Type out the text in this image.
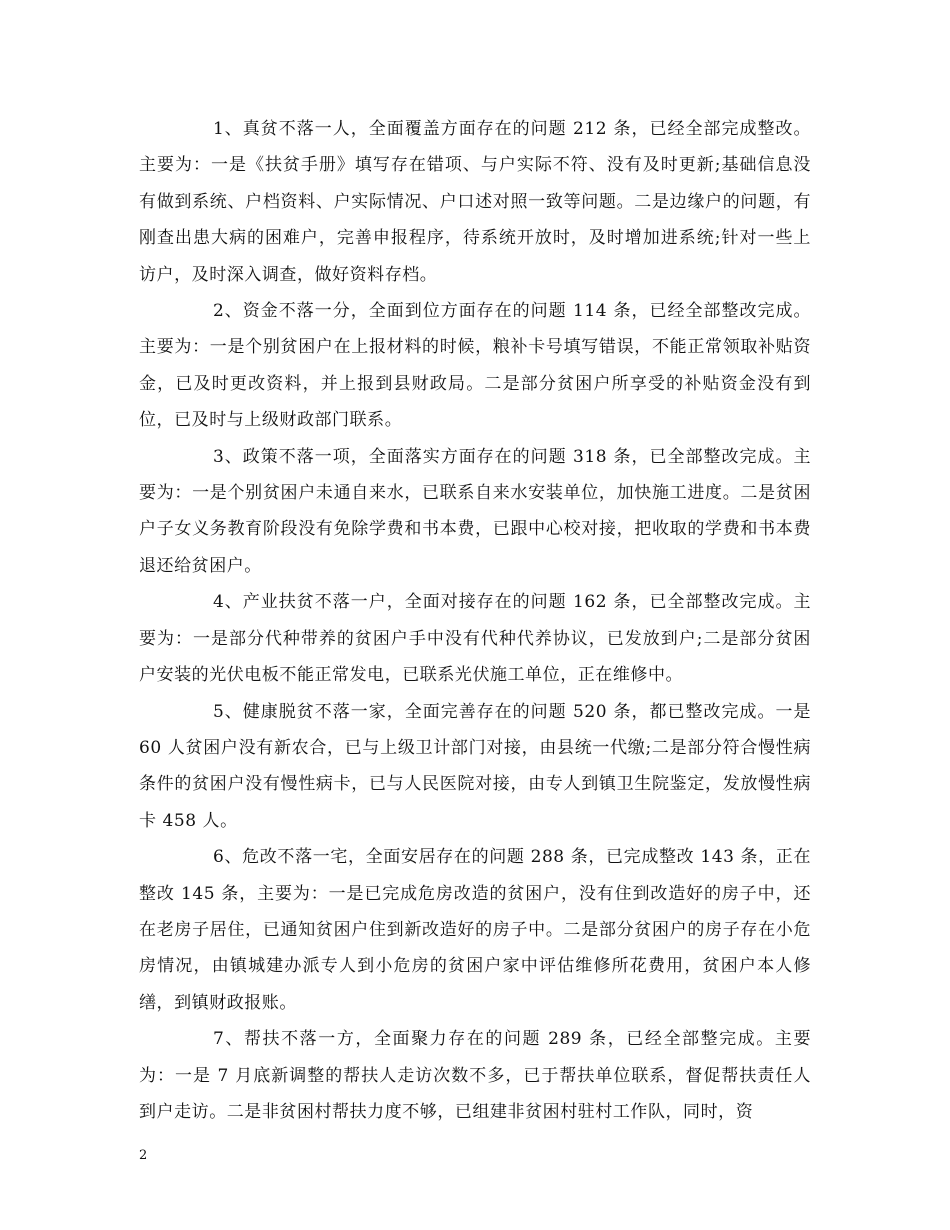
1、真贫不落一人，全面覆盖方面存在的问题 212 条，已经全部完成整改。主要为：一是《扶贫手册》填写存在错项、与户实际不符、没有及时更新;基础信息没有做到系统、户档资料、户实际情况、户口述对照一致等问题。二是边缘户的问题，有刚查出患大病的困难户，完善申报程序，待系统开放时，及时增加进系统;针对一些上访户，及时深入调查，做好资料存档。

2、资金不落一分，全面到位方面存在的问题 114 条，已经全部整改完成。主要为：一是个别贫困户在上报材料的时候，粮补卡号填写错误，不能正常领取补贴资金，已及时更改资料，并上报到县财政局。二是部分贫困户所享受的补贴资金没有到位，已及时与上级财政部门联系。

3、政策不落一项，全面落实方面存在的问题 318 条，已全部整改完成。主要为：一是个别贫困户未通自来水，已联系自来水安装单位，加快施工进度。二是贫困户子女义务教育阶段没有免除学费和书本费，已跟中心校对接，把收取的学费和书本费退还给贫困户。

4、产业扶贫不落一户，全面对接存在的问题 162 条，已全部整改完成。主要为：一是部分代种带养的贫困户手中没有代种代养协议，已发放到户;二是部分贫困户安装的光伏电板不能正常发电，已联系光伏施工单位，正在维修中。

5、健康脱贫不落一家，全面完善存在的问题 520 条，都已整改完成。一是 60 人贫困户没有新农合，已与上级卫计部门对接，由县统一代缴;二是部分符合慢性病条件的贫困户没有慢性病卡，已与人民医院对接，由专人到镇卫生院鉴定，发放慢性病卡 458 人。

6、危改不落一宅，全面安居存在的问题 288 条，已完成整改 143 条，正在整改 145 条，主要为：一是已完成危房改造的贫困户，没有住到改造好的房子中，还在老房子居住，已通知贫困户住到新改造好的房子中。二是部分贫困户的房子存在小危房情况，由镇城建办派专人到小危房的贫困户家中评估维修所花费用，贫困户本人修缮，到镇财政报账。

7、帮扶不落一方，全面聚力存在的问题 289 条，已经全部整完成。主要为：一是 7 月底新调整的帮扶人走访次数不多，已于帮扶单位联系，督促帮扶责任人到户走访。二是非贫困村帮扶力度不够，已组建非贫困村驻村工作队，同时，资

2
